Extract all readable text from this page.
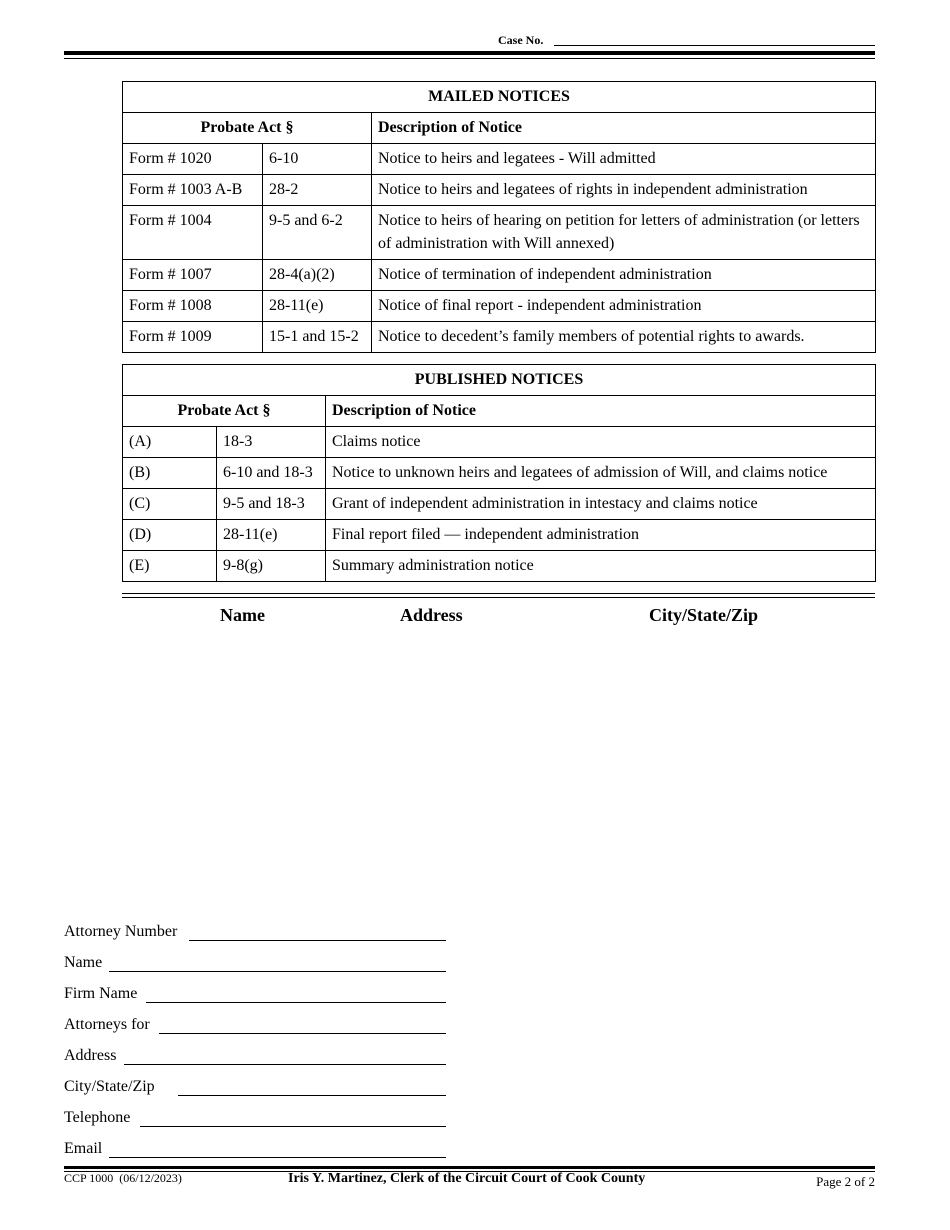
Case No.
MAILED NOTICES		
Probate Act §		Description of Notice
Form # 1020	6-10	Notice to heirs and legatees - Will admitted
Form # 1003 A-B	28-2	Notice to heirs and legatees of rights in independent administration
Form # 1004	9-5 and 6-2	Notice to heirs of hearing on petition for letters of administration (or letters of administration with Will annexed)
Form # 1007	28-4(a)(2)	Notice of termination of independent administration
Form # 1008	28-11(e)	Notice of final report - independent administration
Form # 1009	15-1 and 15-2	Notice to decedent’s family members of potential rights to awards.
PUBLISHED NOTICES		
Probate Act §		Description of Notice
(A)	18-3	Claims notice
(B)	6-10 and 18-3	Notice to unknown heirs and legatees of admission of Will, and claims notice
(C)	9-5 and 18-3	Grant of independent administration in intestacy and claims notice
(D)	28-11(e)	Final report filed — independent administration
(E)	9-8(g)	Summary administration notice
Name	Address	City/State/Zip
Attorney Number
Name
Firm Name
Attorneys for
Address
City/State/Zip
Telephone
Email
CCP 1000  (06/12/2023)	Iris Y. Martinez, Clerk of the Circuit Court of Cook County	Page 2 of 2
